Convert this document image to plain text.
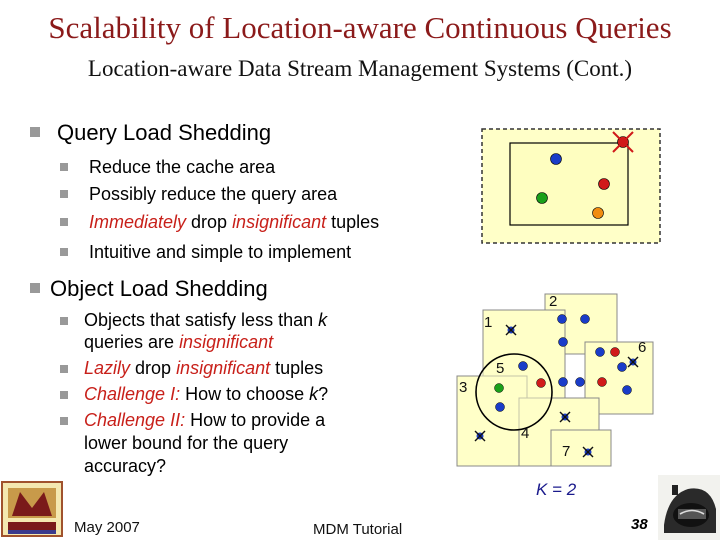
Scalability of Location-aware Continuous Queries
Location-aware Data Stream Management Systems (Cont.)
Query Load Shedding
Reduce the cache area
Possibly reduce the query area
Immediately drop insignificant tuples
Intuitive and simple to implement
Object Load Shedding
Objects that satisfy less than k
queries are insignificant
Lazily drop insignificant tuples
Challenge I: How to choose k?
Challenge II: How to provide a
lower bound for the query
accuracy?
1
2
3
4
5
6
7
K = 2
May 2007	MDM Tutorial	38
